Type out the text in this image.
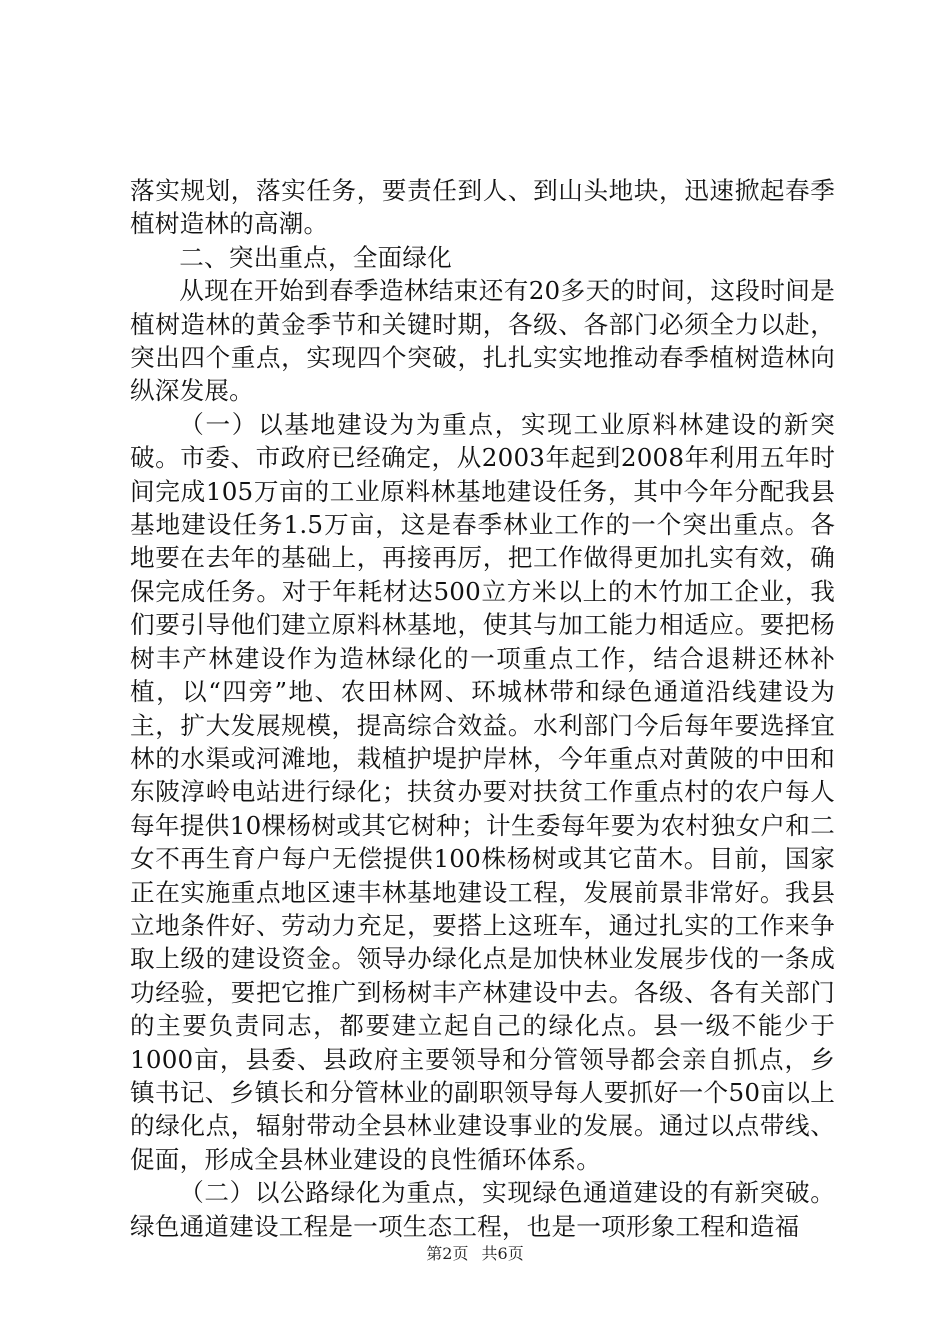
落实规划，落实任务，要责任到人、到山头地块，迅速掀起春季植树造林的高潮。

二、突出重点，全面绿化

从现在开始到春季造林结束还有20多天的时间，这段时间是植树造林的黄金季节和关键时期，各级、各部门必须全力以赴，突出四个重点，实现四个突破，扎扎实实地推动春季植树造林向纵深发展。

（一）以基地建设为为重点，实现工业原料林建设的新突破。市委、市政府已经确定，从2003年起到2008年利用五年时间完成105万亩的工业原料林基地建设任务，其中今年分配我县基地建设任务1.5万亩，这是春季林业工作的一个突出重点。各地要在去年的基础上，再接再厉，把工作做得更加扎实有效，确保完成任务。对于年耗材达500立方米以上的木竹加工企业，我们要引导他们建立原料林基地，使其与加工能力相适应。要把杨树丰产林建设作为造林绿化的一项重点工作，结合退耕还林补植，以“四旁”地、农田林网、环城林带和绿色通道沿线建设为主，扩大发展规模，提高综合效益。水利部门今后每年要选择宜林的水渠或河滩地，栽植护堤护岸林，今年重点对黄陂的中田和东陂淳岭电站进行绿化；扶贫办要对扶贫工作重点村的农户每人每年提供10棵杨树或其它树种；计生委每年要为农村独女户和二女不再生育户每户无偿提供100株杨树或其它苗木。目前，国家正在实施重点地区速丰林基地建设工程，发展前景非常好。我县立地条件好、劳动力充足，要搭上这班车，通过扎实的工作来争取上级的建设资金。领导办绿化点是加快林业发展步伐的一条成功经验，要把它推广到杨树丰产林建设中去。各级、各有关部门的主要负责同志，都要建立起自己的绿化点。县一级不能少于1000亩，县委、县政府主要领导和分管领导都会亲自抓点，乡镇书记、乡镇长和分管林业的副职领导每人要抓好一个50亩以上的绿化点，辐射带动全县林业建设事业的发展。通过以点带线、促面，形成全县林业建设的良性循环体系。

（二）以公路绿化为重点，实现绿色通道建设的有新突破。绿色通道建设工程是一项生态工程，也是一项形象工程和造福

第2页 共6页
